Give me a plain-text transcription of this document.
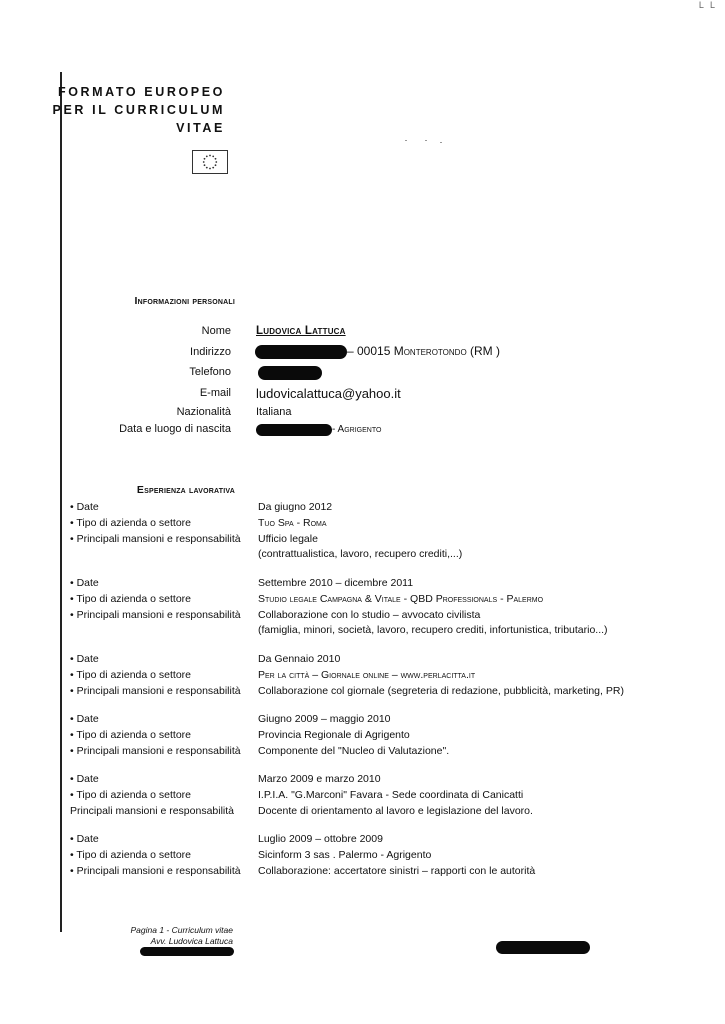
FORMATO EUROPEO
PER IL CURRICULUM
VITAE
L L
Informazioni personali
Nome Ludovica Lattuca
Indirizzo	– 00015 Monterotondo (RM )
Telefono
E-mail ludovicalattuca@yahoo.it
Nazionalità Italiana
Data e luogo di nascita	- Agrigento
Esperienza lavorativa
• Date
• Tipo di azienda o settore
• Principali mansioni e responsabilità
Da giugno 2012
Tuo Spa - Roma
Ufficio legale
(contrattualistica, lavoro, recupero crediti,...)
• Date
• Tipo di azienda o settore
• Principali mansioni e responsabilità
Settembre 2010 – dicembre 2011
Studio legale Campagna & Vitale - QBD Professionals - Palermo
Collaborazione con lo studio – avvocato civilista
(famiglia, minori, società, lavoro, recupero crediti, infortunistica, tributario...)
• Date
• Tipo di azienda o settore
• Principali mansioni e responsabilità
Da Gennaio 2010
Per la città – Giornale online – www.perlacitta.it
Collaborazione col giornale (segreteria di redazione, pubblicità, marketing, PR)
• Date
• Tipo di azienda o settore
• Principali mansioni e responsabilità
Giugno 2009 – maggio 2010
Provincia Regionale di Agrigento
Componente del "Nucleo di Valutazione".
• Date
• Tipo di azienda o settore
Principali mansioni e responsabilità
Marzo 2009 e marzo 2010
I.P.I.A. "G.Marconi" Favara - Sede coordinata di Canicatti
Docente di orientamento al lavoro e legislazione del lavoro.
• Date
• Tipo di azienda o settore
• Principali mansioni e responsabilità
Luglio 2009 – ottobre 2009
Sicinform 3 sas . Palermo - Agrigento
Collaborazione: accertatore sinistri – rapporti con le autorità
Pagina 1 - Curriculum vitae
Avv. Ludovica Lattuca
